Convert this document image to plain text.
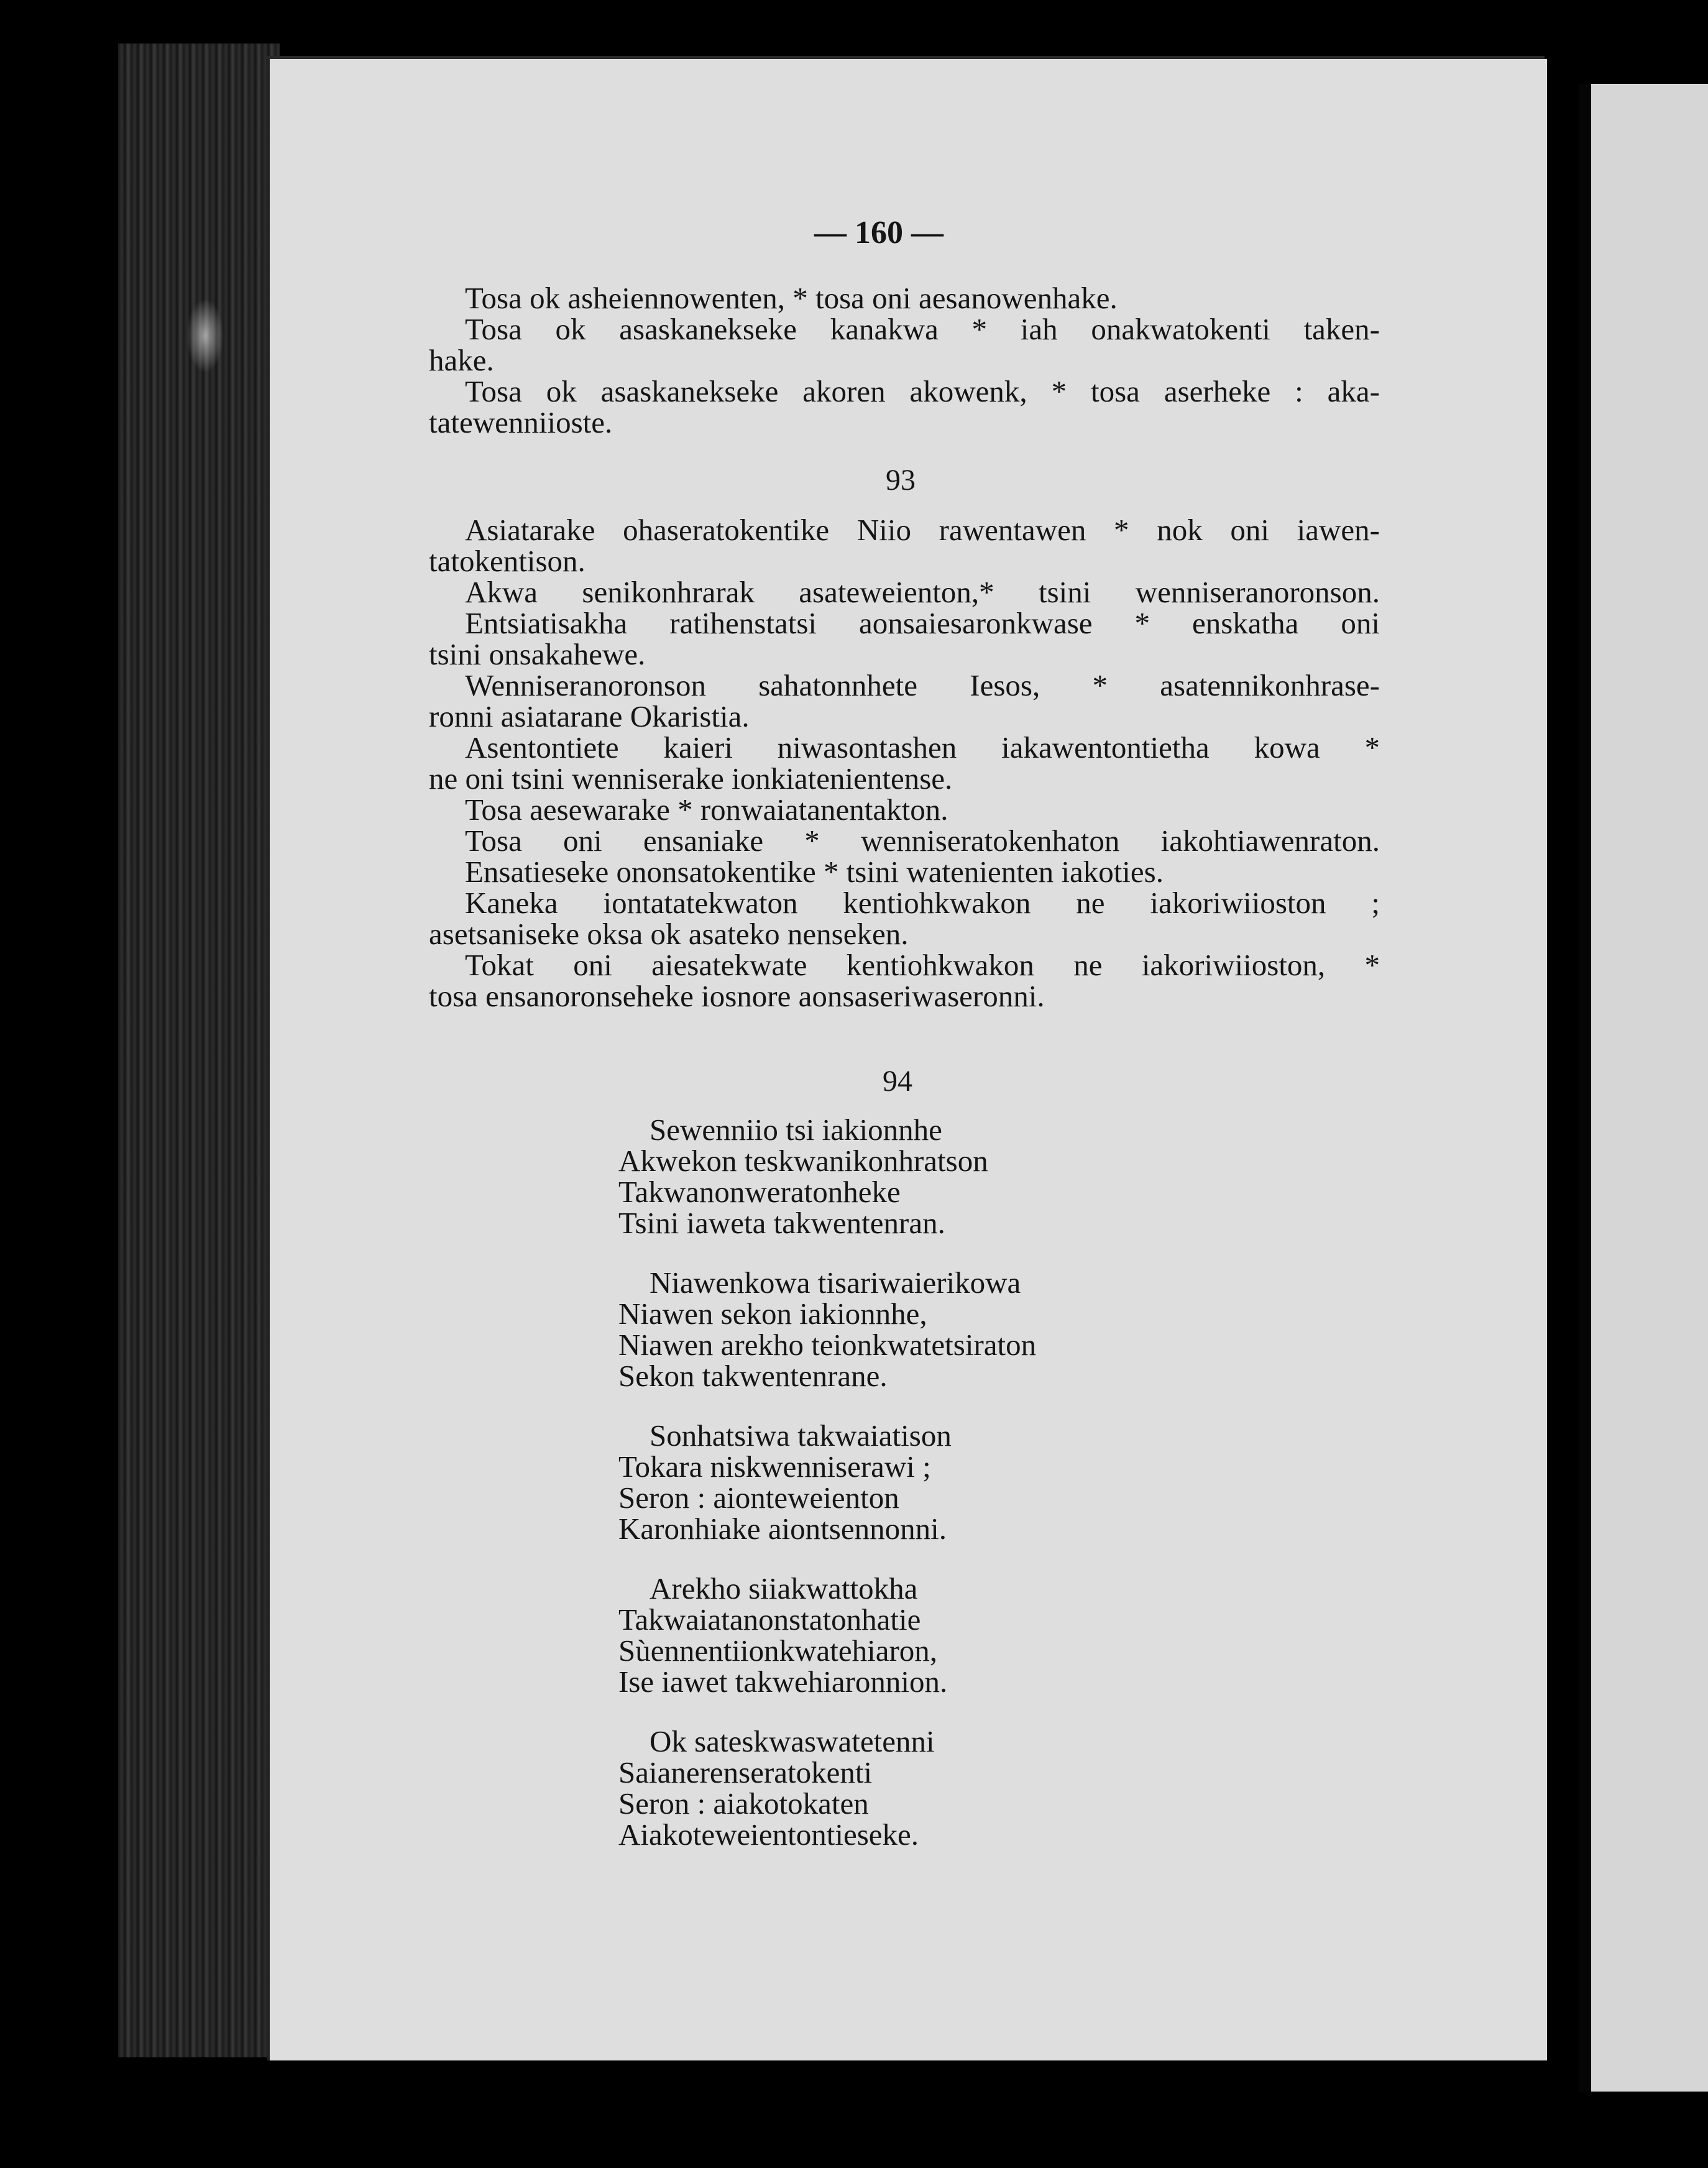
— 160 —
Tosa ok asheiennowenten, * tosa oni aesanowenhake.
Tosa ok asaskanekseke kanakwa * iah onakwatokenti taken-
hake.
Tosa ok asaskanekseke akoren akowenk, * tosa aserheke : aka-
tatewenniioste.
93
Asiatarake ohaseratokentike Niio rawentawen * nok oni iawen-
tatokentison.
Akwa senikonhrarak asateweienton,* tsini wenniseranoronson.
Entsiatisakha ratihenstatsi aonsaiesaronkwase * enskatha oni
tsini onsakahewe.
Wenniseranoronson sahatonnhete Iesos, * asatennikonhrase-
ronni asiatarane Okaristia.
Asentontiete kaieri niwasontashen iakawentontietha kowa *
ne oni tsini wenniserake ionkiatenientense.
Tosa aesewarake * ronwaiatanentakton.
Tosa oni ensaniake * wenniseratokenhaton iakohtiawenraton.
Ensatieseke ononsatokentike * tsini watenienten iakoties.
Kaneka iontatatekwaton kentiohkwakon ne iakoriwiioston ;
asetsaniseke oksa ok asateko nenseken.
Tokat oni aiesatekwate kentiohkwakon ne iakoriwiioston, *
tosa ensanoronseheke iosnore aonsaseriwaseronni.
94
Sewenniio tsi iakionnhe
Akwekon teskwanikonhratson
Takwanonweratonheke
Tsini iaweta takwentenran.
Niawenkowa tisariwaierikowa
Niawen sekon iakionnhe,
Niawen arekho teionkwatetsiraton
Sekon takwentenrane.
Sonhatsiwa takwaiatison
Tokara niskwenniserawi ;
Seron : aionteweienton
Karonhiake aiontsennonni.
Arekho siiakwattokha
Takwaiatanonstatonhatie
Sùennentiionkwatehiaron,
Ise iawet takwehiaronnion.
Ok sateskwaswatetenni
Saianerenseratokenti
Seron : aiakotokaten
Aiakoteweientontieseke.
